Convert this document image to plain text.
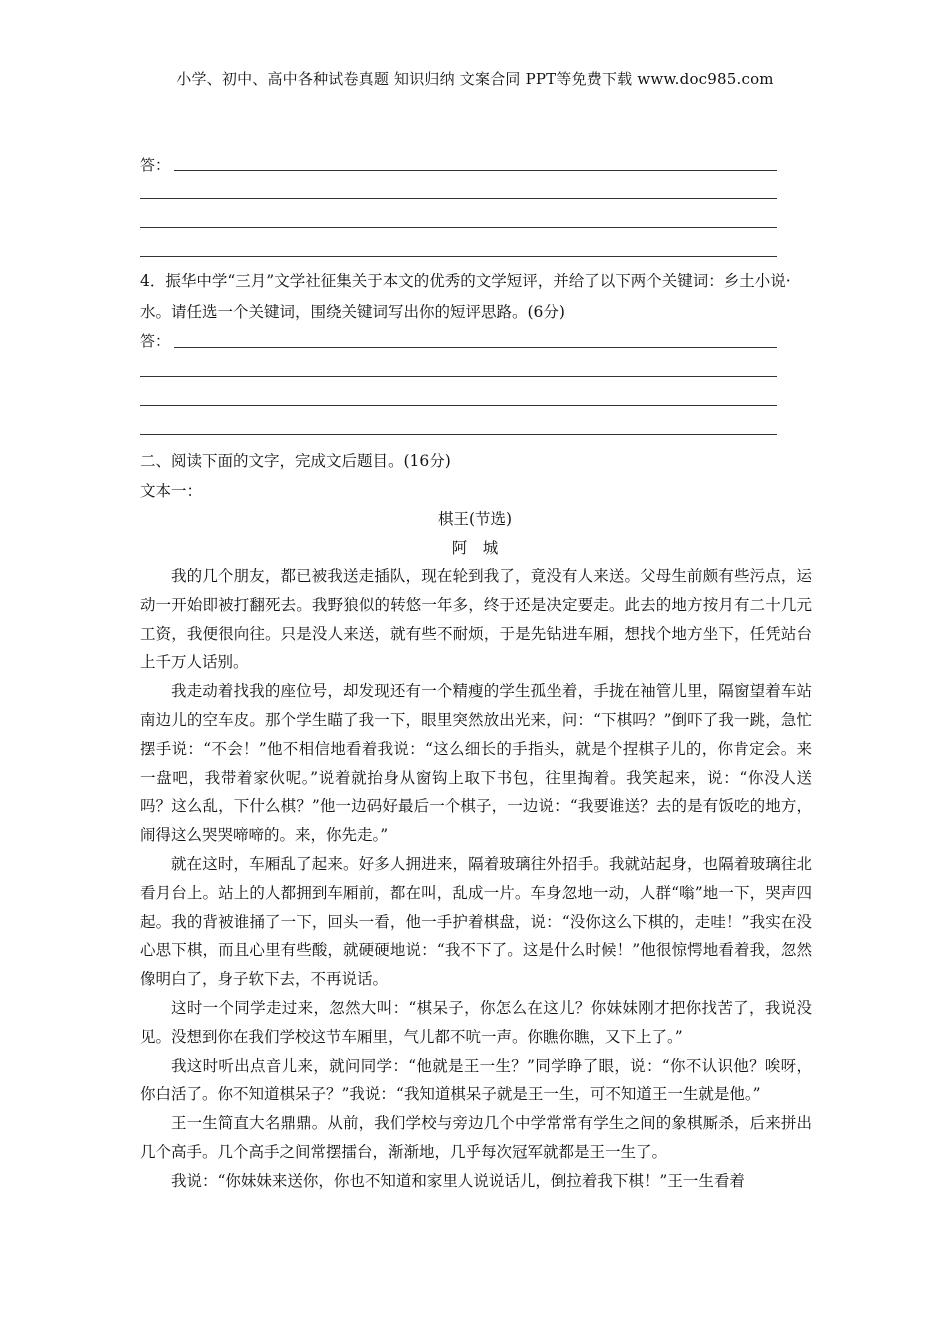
小学、初中、高中各种试卷真题 知识归纳 文案合同 PPT等免费下载 www.doc985.com
答：
4．振华中学“三月”文学社征集关于本文的优秀的文学短评，并给了以下两个关键词：乡土小说·水。请任选一个关键词，围绕关键词写出你的短评思路。(6分)
答：
二、阅读下面的文字，完成文后题目。(16分)
文本一：
棋王(节选)
阿　城

我的几个朋友，都已被我送走插队，现在轮到我了，竟没有人来送。父母生前颇有些污点，运动一开始即被打翻死去。我野狼似的转悠一年多，终于还是决定要走。此去的地方按月有二十几元工资，我便很向往。只是没人来送，就有些不耐烦，于是先钻进车厢，想找个地方坐下，任凭站台上千万人话别。

我走动着找我的座位号，却发现还有一个精瘦的学生孤坐着，手拢在袖管儿里，隔窗望着车站南边儿的空车皮。那个学生瞄了我一下，眼里突然放出光来，问：“下棋吗？”倒吓了我一跳，急忙摆手说：“不会！”他不相信地看着我说：“这么细长的手指头，就是个捏棋子儿的，你肯定会。来一盘吧，我带着家伙呢。”说着就抬身从窗钩上取下书包，往里掏着。我笑起来，说：“你没人送吗？这么乱，下什么棋？”他一边码好最后一个棋子，一边说：“我要谁送？去的是有饭吃的地方，闹得这么哭哭啼啼的。来，你先走。”

就在这时，车厢乱了起来。好多人拥进来，隔着玻璃往外招手。我就站起身，也隔着玻璃往北看月台上。站上的人都拥到车厢前，都在叫，乱成一片。车身忽地一动，人群“嗡”地一下，哭声四起。我的背被谁捅了一下，回头一看，他一手护着棋盘，说：“没你这么下棋的，走哇！”我实在没心思下棋，而且心里有些酸，就硬硬地说：“我不下了。这是什么时候！”他很惊愕地看着我，忽然像明白了，身子软下去，不再说话。

这时一个同学走过来，忽然大叫：“棋呆子，你怎么在这儿？你妹妹刚才把你找苦了，我说没见。没想到你在我们学校这节车厢里，气儿都不吭一声。你瞧你瞧，又下上了。”

我这时听出点音儿来，就问同学：“他就是王一生？”同学睁了眼，说：“你不认识他？唉呀，你白活了。你不知道棋呆子？”我说：“我知道棋呆子就是王一生，可不知道王一生就是他。”

王一生简直大名鼎鼎。从前，我们学校与旁边几个中学常常有学生之间的象棋厮杀，后来拼出几个高手。几个高手之间常摆擂台，渐渐地，几乎每次冠军就都是王一生了。

我说：“你妹妹来送你，你也不知道和家里人说说话儿，倒拉着我下棋！”王一生看着
